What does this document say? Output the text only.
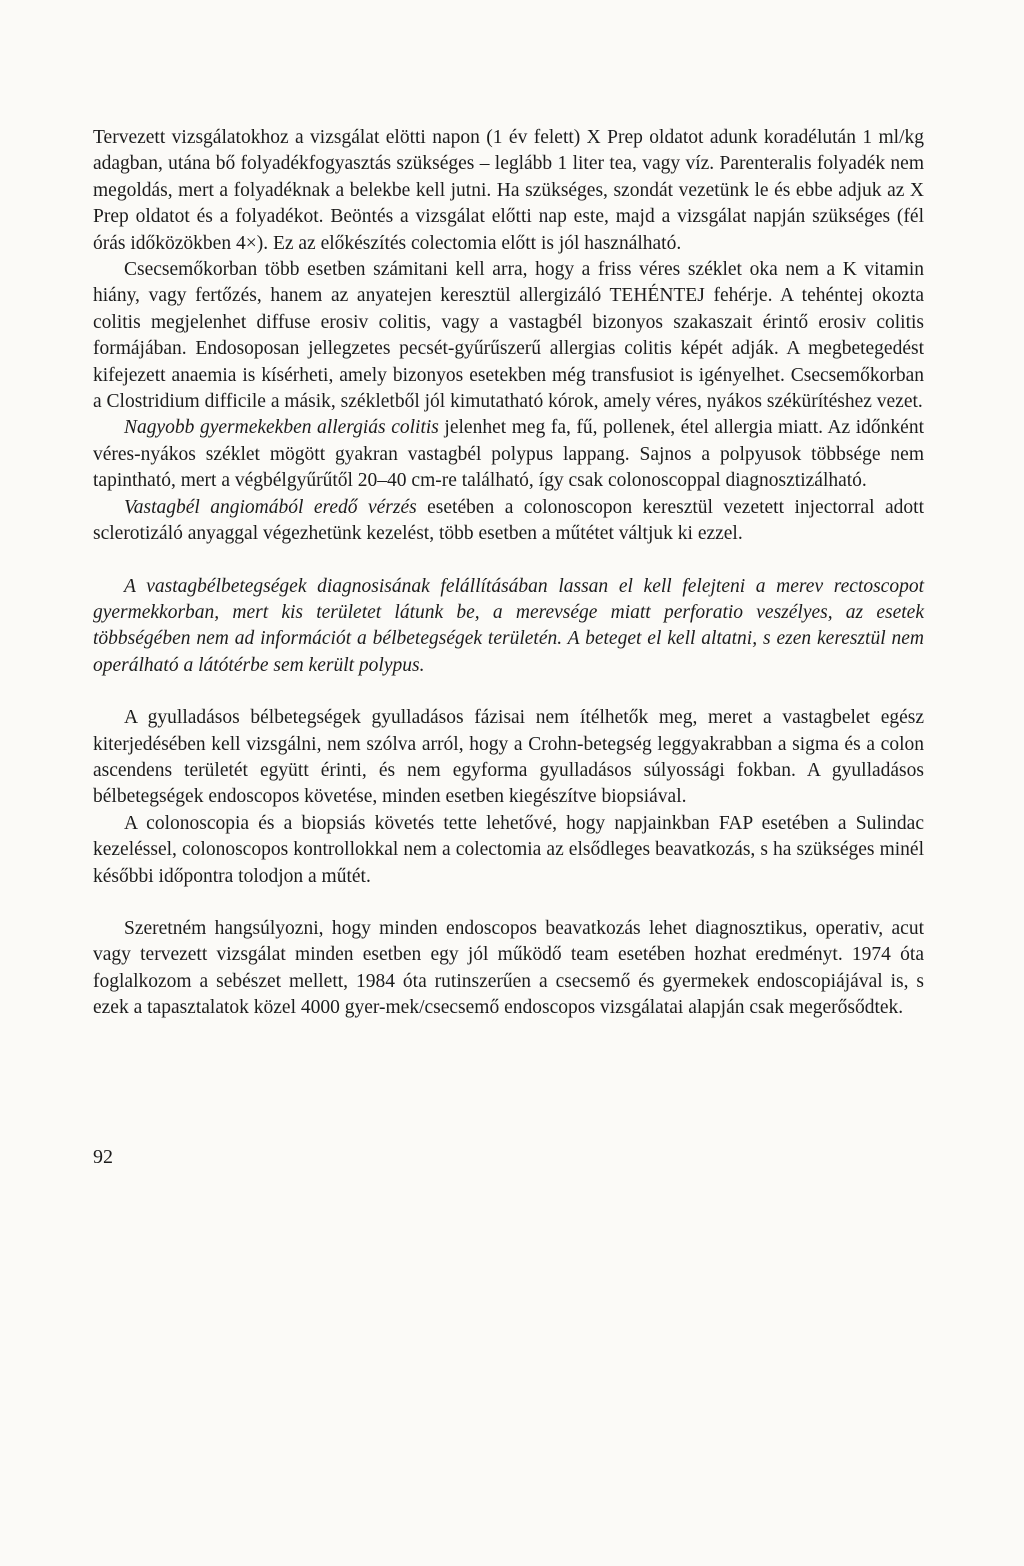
Tervezett vizsgálatokhoz a vizsgálat elötti napon (1 év felett) X Prep oldatot adunk koradélután 1 ml/kg adagban, utána bő folyadékfogyasztás szükséges – leglább 1 liter tea, vagy víz. Parenteralis folyadék nem megoldás, mert a folyadéknak a belekbe kell jutni. Ha szükséges, szondát vezetünk le és ebbe adjuk az X Prep oldatot és a folyadékot. Beöntés a vizsgálat előtti nap este, majd a vizsgálat napján szükséges (fél órás időközökben 4×). Ez az előkészítés colectomia előtt is jól használható.

Csecsemőkorban több esetben számitani kell arra, hogy a friss véres széklet oka nem a K vitamin hiány, vagy fertőzés, hanem az anyatejen keresztül allergizáló TEHÉNTEJ fehérje. A tehéntej okozta colitis megjelenhet diffuse erosiv colitis, vagy a vastagbél bizonyos szakaszait érintő erosiv colitis formájában. Endosoposan jellegzetes pecsét-gyűrűszerű allergias colitis képét adják. A megbetegedést kifejezett anaemia is kísérheti, amely bizonyos esetekben még transfusiot is igényelhet. Csecsemőkorban a Clostridium difficile a másik, székletből jól kimutatható kórok, amely véres, nyákos székürítéshez vezet.

Nagyobb gyermekekben allergiás colitis jelenhet meg fa, fű, pollenek, étel allergia miatt. Az időnként véres-nyákos széklet mögött gyakran vastagbél polypus lappang. Sajnos a polpyusok többsége nem tapintható, mert a végbélgyűrűtől 20–40 cm-re található, így csak colonoscoppal diagnosztizálható.

Vastagbél angiomából eredő vérzés esetében a colonoscopon keresztül vezetett injectorral adott sclerotizáló anyaggal végezhetünk kezelést, több esetben a műtétet váltjuk ki ezzel.

A vastagbélbetegségek diagnosisának felállításában lassan el kell felejteni a merev rectoscopot gyermekkorban, mert kis területet látunk be, a merevsége miatt perforatio veszélyes, az esetek többségében nem ad információt a bélbetegségek területén. A beteget el kell altatni, s ezen keresztül nem operálható a látótérbe sem került polypus.

A gyulladásos bélbetegségek gyulladásos fázisai nem ítélhetők meg, meret a vastagbelet egész kiterjedésében kell vizsgálni, nem szólva arról, hogy a Crohn-betegség leggyakrabban a sigma és a colon ascendens területét együtt érinti, és nem egyforma gyulladásos súlyossági fokban. A gyulladásos bélbetegségek endoscopos követése, minden esetben kiegészítve biopsiával.

A colonoscopia és a biopsiás követés tette lehetővé, hogy napjainkban FAP esetében a Sulindac kezeléssel, colonoscopos kontrollokkal nem a colectomia az elsődleges beavatkozás, s ha szükséges minél későbbi időpontra tolodjon a műtét.

Szeretném hangsúlyozni, hogy minden endoscopos beavatkozás lehet diagnosztikus, operativ, acut vagy tervezett vizsgálat minden esetben egy jól működő team esetében hozhat eredményt. 1974 óta foglalkozom a sebészet mellett, 1984 óta rutinszerűen a csecsemő és gyermekek endoscopiájával is, s ezek a tapasztalatok közel 4000 gyer-mek/csecsemő endoscopos vizsgálatai alapján csak megerősődtek.

92
